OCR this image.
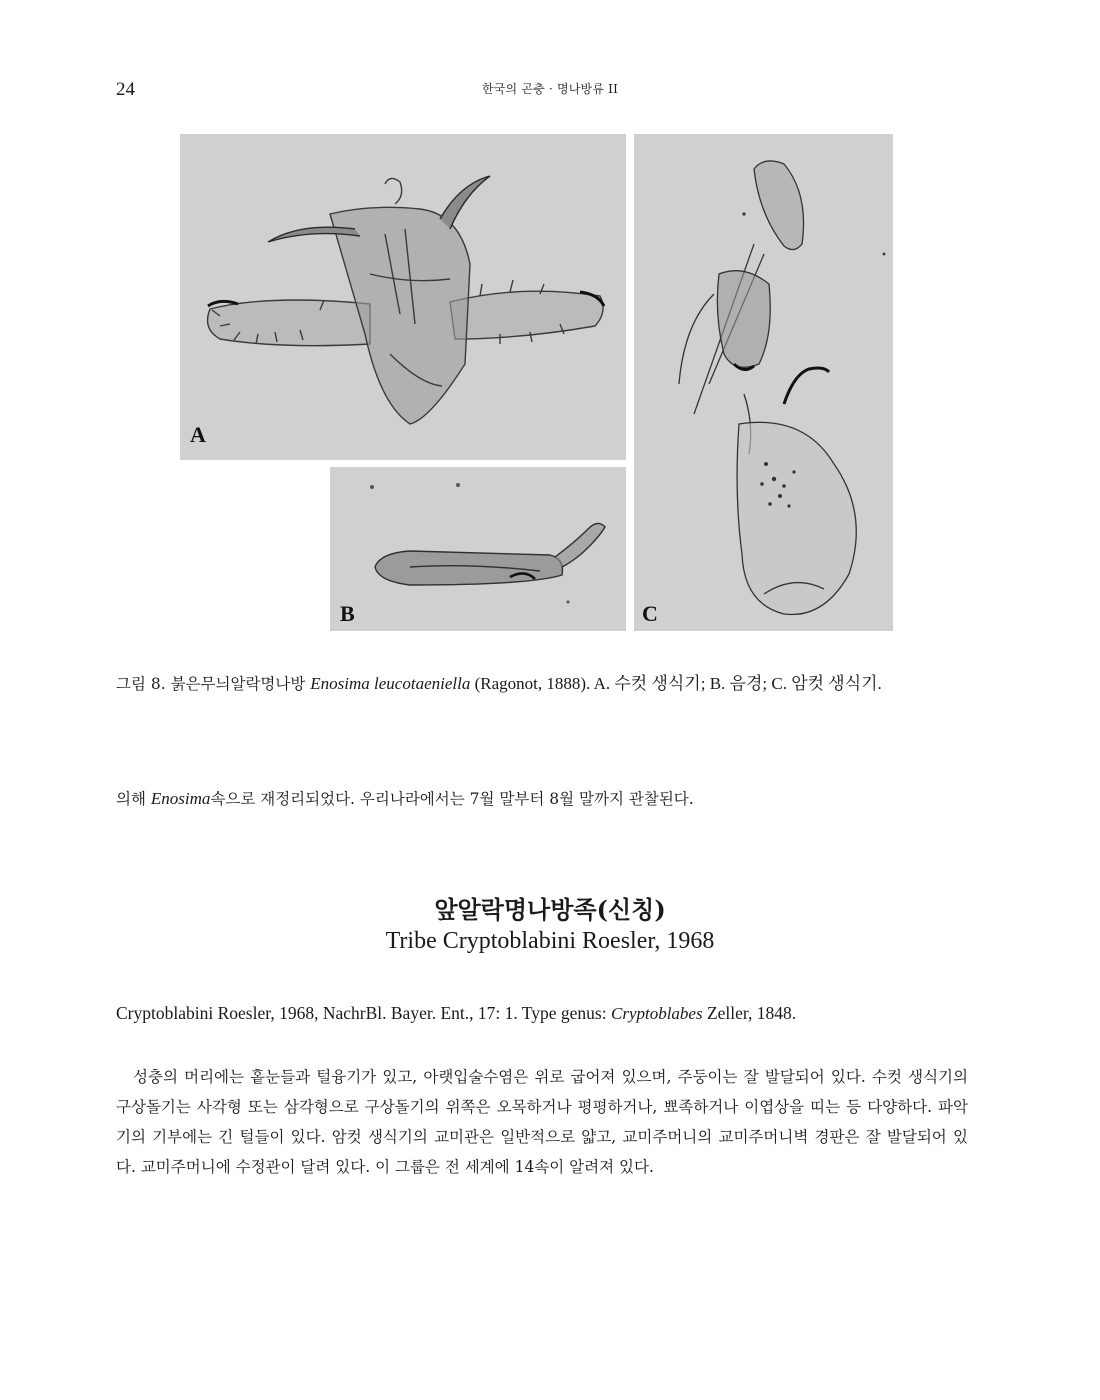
24	한국의 곤충 · 명나방류 II
A
B	C
그림 8. 붉은무늬알락명나방 Enosima leucotaeniella (Ragonot, 1888). A. 수컷 생식기; B. 음경; C. 암컷 생식기.
의해 Enosima속으로 재정리되었다. 우리나라에서는 7월 말부터 8월 말까지 관찰된다.
앞알락명나방족(신칭)
Tribe Cryptoblabini Roesler, 1968
Cryptoblabini Roesler, 1968, NachrBl. Bayer. Ent., 17: 1. Type genus: Cryptoblabes Zeller, 1848.
성충의 머리에는 홑눈들과 털융기가 있고, 아랫입술수염은 위로 굽어져 있으며, 주둥이는 잘 발달되어 있다. 수컷 생식기의 구상돌기는 사각형 또는 삼각형으로 구상돌기의 위쪽은 오목하거나 평평하거나, 뾰족하거나 이엽상을 띠는 등 다양하다. 파악기의 기부에는 긴 털들이 있다. 암컷 생식기의 교미관은 일반적으로 얇고, 교미주머니의 교미주머니벽 경판은 잘 발달되어 있다. 교미주머니에 수정관이 달려 있다. 이 그룹은 전 세계에 14속이 알려져 있다.
